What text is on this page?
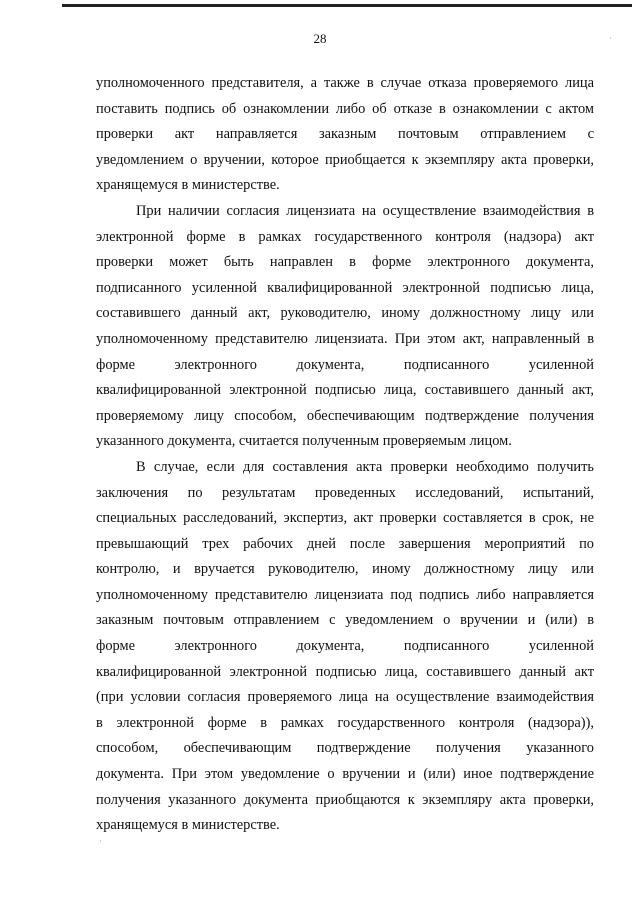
28
уполномоченного представителя, а также в случае отказа проверяемого лица
поставить подпись об ознакомлении либо об отказе в ознакомлении с актом
проверки акт направляется заказным почтовым отправлением с
уведомлением о вручении, которое приобщается к экземпляру акта проверки,
хранящемуся в министерстве.
При наличии согласия лицензиата на осуществление взаимодействия в
электронной форме в рамках государственного контроля (надзора) акт
проверки может быть направлен в форме электронного документа,
подписанного усиленной квалифицированной электронной подписью лица,
составившего данный акт, руководителю, иному должностному лицу или
уполномоченному представителю лицензиата. При этом акт, направленный в
форме электронного документа, подписанного усиленной
квалифицированной электронной подписью лица, составившего данный акт,
проверяемому лицу способом, обеспечивающим подтверждение получения
указанного документа, считается полученным проверяемым лицом.
В случае, если для составления акта проверки необходимо получить
заключения по результатам проведенных исследований, испытаний,
специальных расследований, экспертиз, акт проверки составляется в срок, не
превышающий трех рабочих дней после завершения мероприятий по
контролю, и вручается руководителю, иному должностному лицу или
уполномоченному представителю лицензиата под подпись либо направляется
заказным почтовым отправлением с уведомлением о вручении и (или) в
форме электронного документа, подписанного усиленной
квалифицированной электронной подписью лица, составившего данный акт
(при условии согласия проверяемого лица на осуществление взаимодействия
в электронной форме в рамках государственного контроля (надзора)),
способом, обеспечивающим подтверждение получения указанного
документа. При этом уведомление о вручении и (или) иное подтверждение
получения указанного документа приобщаются к экземпляру акта проверки,
хранящемуся в министерстве.
·
·
